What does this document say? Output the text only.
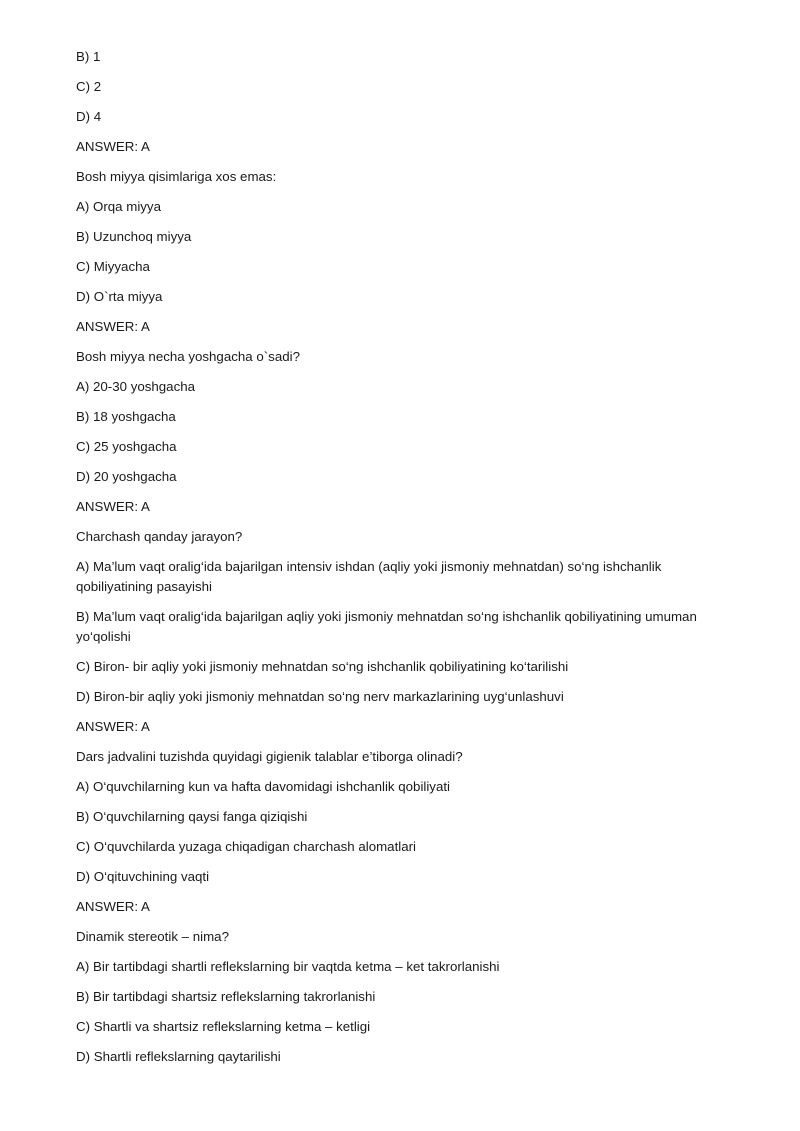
B) 1

C) 2

D) 4

ANSWER: A

Bosh miyya qisimlariga xos emas:

A) Orqa miyya

B) Uzunchoq miyya

C) Miyyacha

D) O`rta miyya

ANSWER: A

Bosh miyya necha yoshgacha o`sadi?

A) 20-30 yoshgacha

B) 18 yoshgacha

C) 25 yoshgacha

D) 20 yoshgacha

ANSWER: A

Charchash qanday jarayon?

A) Ma’lum vaqt oralig‘ida bajarilgan intensiv ishdan (aqliy yoki jismoniy mehnatdan) so‘ng ishchanlik qobiliyatining pasayishi

B) Ma’lum vaqt oralig‘ida bajarilgan aqliy yoki jismoniy mehnatdan so‘ng ishchanlik qobiliyatining umuman yo‘qolishi

C) Biron- bir aqliy yoki jismoniy mehnatdan so‘ng ishchanlik qobiliyatining ko‘tarilishi

D) Biron-bir aqliy yoki jismoniy mehnatdan so‘ng nerv markazlarining uyg‘unlashuvi

ANSWER: A

Dars jadvalini tuzishda quyidagi gigienik talablar e’tiborga olinadi?

A) O‘quvchilarning kun va hafta davomidagi ishchanlik qobiliyati

B) O‘quvchilarning qaysi fanga qiziqishi

C) O‘quvchilarda yuzaga chiqadigan charchash alomatlari

D) O‘qituvchining vaqti

ANSWER: A

Dinamik stereotik – nima?

A) Bir tartibdagi shartli reflekslarning bir vaqtda ketma – ket takrorlanishi

B) Bir tartibdagi shartsiz reflekslarning takrorlanishi

C) Shartli va shartsiz reflekslarning ketma – ketligi

D) Shartli reflekslarning qaytarilishi
